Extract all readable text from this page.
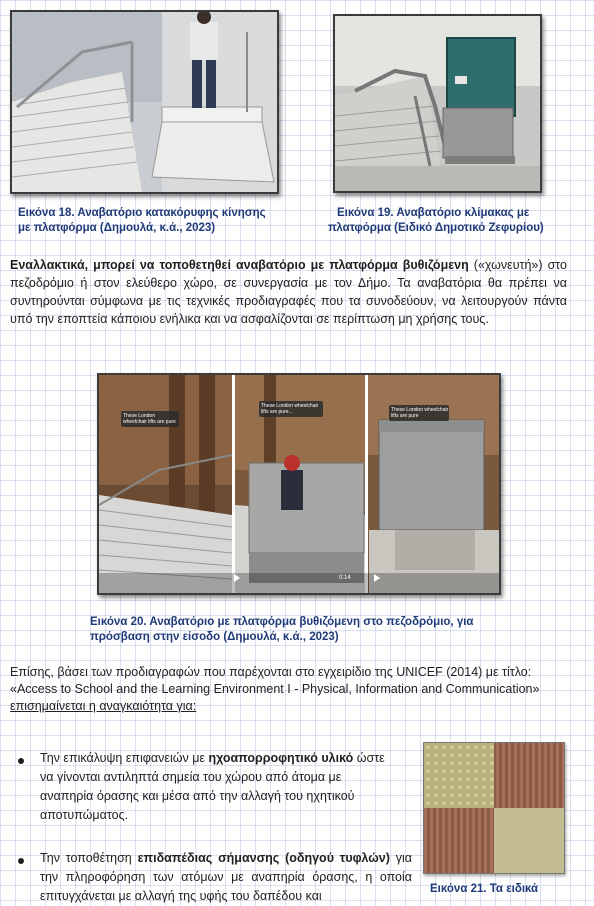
Εικόνα 18. Αναβατόριο κατακόρυφης κίνησης
με πλατφόρμα (Δημουλά, κ.ά., 2023)
Εικόνα 19. Αναβατόριο κλίμακας με
πλατφόρμα (Ειδικό Δημοτικό Ζεφυρίου)
Εναλλακτικά, μπορεί να τοποθετηθεί αναβατόριο με πλατφόρμα βυθιζόμενη («χωνευτή») στο πεζοδρόμιο ή στον ελεύθερο χώρο, σε συνεργασία με τον Δήμο. Τα αναβατόρια θα πρέπει να συντηρούνται σύμφωνα με τις τεχνικές προδιαγραφές που τα συνοδεύουν, να λειτουργούν πάντα υπό την εποπτεία κάποιου ενήλικα και να ασφαλίζονται σε περίπτωση μη χρήσης τους.
These London wheelchair lifts are pure
These London wheelchair lifts are pure...	These London wheelchair lifts are pure
0:14
Εικόνα 20. Αναβατόριο με πλατφόρμα βυθιζόμενη στο πεζοδρόμιο, για
πρόσβαση στην είσοδο (Δημουλά, κ.ά., 2023)
Επίσης, βάσει των προδιαγραφών που παρέχονται στο εγχειρίδιο της UNICEF (2014) με τίτλο: «Access to School and the Learning Environment I - Physical, Information and Communication» επισημαίνεται η αναγκαιότητα για:
Την επικάλυψη επιφανειών με ηχοαπορροφητικό υλικό ώστε να γίνονται αντιληπτά σημεία του χώρου από άτομα με αναπηρία όρασης και μέσα από την αλλαγή του ηχητικού αποτυπώματος.
Την τοποθέτηση επιδαπέδιας σήμανσης (οδηγού τυφλών) για την πληροφόρηση των ατόμων με αναπηρία όρασης, η οποία επιτυγχάνεται με αλλαγή της υφής του δαπέδου και	Εικόνα 21. Τα ειδικά
